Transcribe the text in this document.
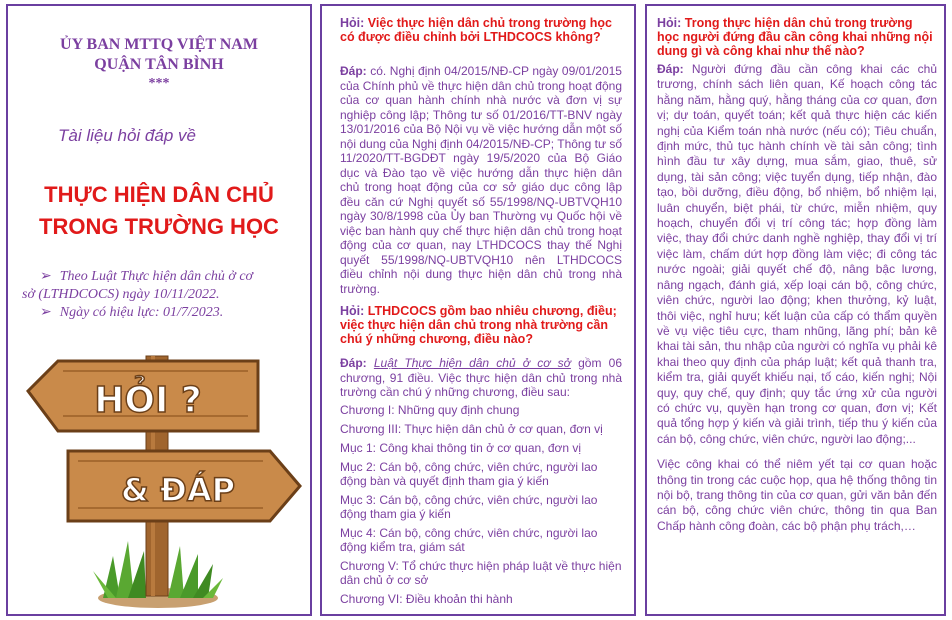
ỦY BAN MTTQ VIỆT NAM
QUẬN TÂN BÌNH
***
Tài liệu hỏi đáp về
THỰC HIỆN DÂN CHỦ
TRONG TRƯỜNG HỌC
➢ Theo Luật Thực hiện dân chủ ở cơ
sở (LTHDCOCS) ngày 10/11/2022.
➢ Ngày có hiệu lực: 01/7/2023.
HỎI ?
& ĐÁP
Hỏi: Việc thực hiện dân chủ trong trường học có được điều chỉnh bởi LTHDCOCS không?
Đáp: có. Nghị định 04/2015/NĐ-CP ngày 09/01/2015 của Chính phủ về thực hiện dân chủ trong hoạt động của cơ quan hành chính nhà nước và đơn vị sự nghiệp công lập; Thông tư số 01/2016/TT-BNV ngày 13/01/2016 của Bộ Nội vụ về việc hướng dẫn một số nội dung của Nghị định 04/2015/NĐ-CP; Thông tư số 11/2020/TT-BGDĐT ngày 19/5/2020 của Bộ Giáo dục và Đào tạo về việc hướng dẫn thực hiện dân chủ trong hoạt động của cơ sở giáo dục công lập đều căn cứ Nghị quyết số 55/1998/NQ-UBTVQH10 ngày 30/8/1998 của Ủy ban Thường vụ Quốc hội về việc ban hành quy chế thực hiện dân chủ trong hoạt động của cơ quan, nay LTHDCOCS thay thế Nghị quyết 55/1998/NQ-UBTVQH10 nên LTHDCOCS điều chỉnh nội dung thực hiện dân chủ trong nhà trường.
Hỏi: LTHDCOCS gồm bao nhiêu chương, điều; việc thực hiện dân chủ trong nhà trường cần chú ý những chương, điều nào?
Đáp: Luật Thực hiện dân chủ ở cơ sở gồm 06 chương, 91 điều. Việc thực hiện dân chủ trong nhà trường cần chú ý những chương, điều sau:
Chương I: Những quy định chung
Chương III: Thực hiện dân chủ ở cơ quan, đơn vị
Mục 1: Công khai thông tin ở cơ quan, đơn vị
Mục 2: Cán bộ, công chức, viên chức, người lao động bàn và quyết định tham gia ý kiến
Mục 3: Cán bộ, công chức, viên chức, người lao động tham gia ý kiến
Mục 4: Cán bộ, công chức, viên chức, người lao động kiểm tra, giám sát
Chương V: Tổ chức thực hiện pháp luật về thực hiện dân chủ ở cơ sở
Chương VI: Điều khoản thi hành
Hỏi: Trong thực hiện dân chủ trong trường học người đứng đầu cần công khai những nội dung gì và công khai như thế nào?
Đáp: Người đứng đầu cần công khai các chủ trương, chính sách liên quan, Kế hoạch công tác hằng năm, hằng quý, hằng tháng của cơ quan, đơn vị; dự toán, quyết toán; kết quả thực hiện các kiến nghị của Kiểm toán nhà nước (nếu có); Tiêu chuẩn, định mức, thủ tục hành chính về tài sản công; tình hình đầu tư xây dựng, mua sắm, giao, thuê, sử dụng, tài sản công; việc tuyển dụng, tiếp nhận, đào tạo, bồi dưỡng, điều động, bổ nhiệm, bổ nhiệm lại, luân chuyển, biệt phái, từ chức, miễn nhiệm, quy hoạch, chuyển đổi vị trí công tác; hợp đồng làm việc, thay đổi chức danh nghề nghiệp, thay đổi vị trí việc làm, chấm dứt hợp đồng làm việc; đi công tác nước ngoài; giải quyết chế độ, nâng bậc lương, nâng ngạch, đánh giá, xếp loại cán bộ, công chức, viên chức, người lao động; khen thưởng, kỷ luật, thôi việc, nghỉ hưu; kết luận của cấp có thẩm quyền về vụ việc tiêu cực, tham nhũng, lãng phí; bản kê khai tài sản, thu nhập của người có nghĩa vụ phải kê khai theo quy định của pháp luật; kết quả thanh tra, kiểm tra, giải quyết khiếu nại, tố cáo, kiến nghị; Nội quy, quy chế, quy định; quy tắc ứng xử của người có chức vụ, quyền hạn trong cơ quan, đơn vị; Kết quả tổng hợp ý kiến và giải trình, tiếp thu ý kiến của cán bộ, công chức, viên chức, người lao động;...
Việc công khai có thể niêm yết tại cơ quan hoặc thông tin trong các cuộc họp, qua hệ thống thông tin nội bộ, trang thông tin của cơ quan, gửi văn bản đến cán bộ, công chức viên chức, thông tin qua Ban Chấp hành công đoàn, các bộ phận phụ trách,…
